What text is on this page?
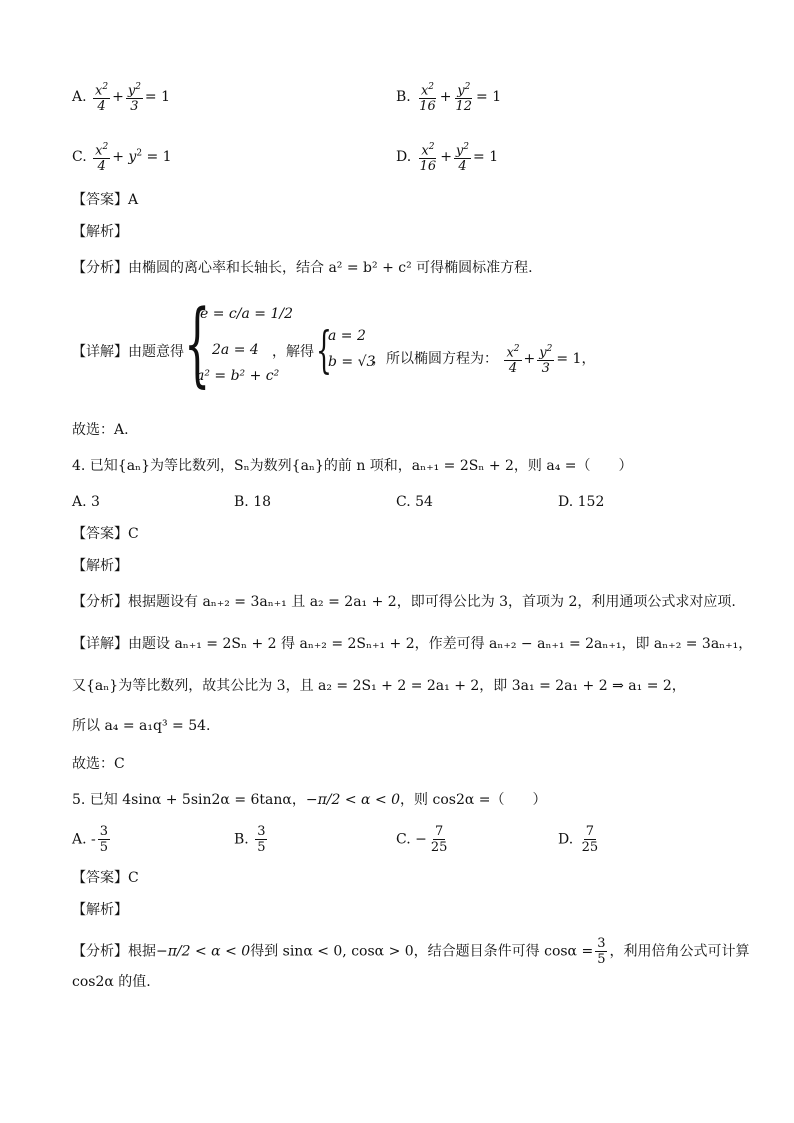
A. $\frac{x^2}{4} + \frac{y^2}{3} = 1$	B. $\frac{x^2}{16} + \frac{y^2}{12} = 1$
C. $\frac{x^2}{4} + y^2 = 1$	D. $\frac{x^2}{16} + \frac{y^2}{4} = 1$
【答案】A
【解析】
【分析】由椭圆的离心率和长轴长，结合 a² = b² + c² 可得椭圆标准方程.
【详解】由题意得 {
e = c/a = 1/2
2a = 4
a² = b² + c²
，解得 {
a = 2
b = √3
，所以椭圆方程为： $\frac{x^2}{4} + \frac{y^2}{3} = 1$，
故选：A.
4. 已知{aₙ}为等比数列，Sₙ为数列{aₙ}的前 n 项和，aₙ₊₁ = 2Sₙ + 2，则 a₄ =（　　）
A. 3	B. 18	C. 54	D. 152
【答案】C
【解析】
【分析】根据题设有 aₙ₊₂ = 3aₙ₊₁ 且 a₂ = 2a₁ + 2，即可得公比为 3，首项为 2，利用通项公式求对应项.
【详解】由题设 aₙ₊₁ = 2Sₙ + 2 得 aₙ₊₂ = 2Sₙ₊₁ + 2，作差可得 aₙ₊₂ − aₙ₊₁ = 2aₙ₊₁，即 aₙ₊₂ = 3aₙ₊₁，
又{aₙ}为等比数列，故其公比为 3，且 a₂ = 2S₁ + 2 = 2a₁ + 2，即 3a₁ = 2a₁ + 2 ⇒ a₁ = 2，
所以 a₄ = a₁q³ = 54.
故选：C
5. 已知 4sinα + 5sin2α = 6tanα，−π/2 < α < 0，则 cos2α =（　　）
A. - $\frac{3}{5}$	B. $\frac{3}{5}$	C. − $\frac{7}{25}$	D. $\frac{7}{25}$
【答案】C
【解析】
【分析】根据−π/2 < α < 0得到 sinα < 0, cosα > 0，结合题目条件可得 $\cos\alpha = \frac{3}{5}$ ，利用倍角公式可计算
cos2α 的值.
